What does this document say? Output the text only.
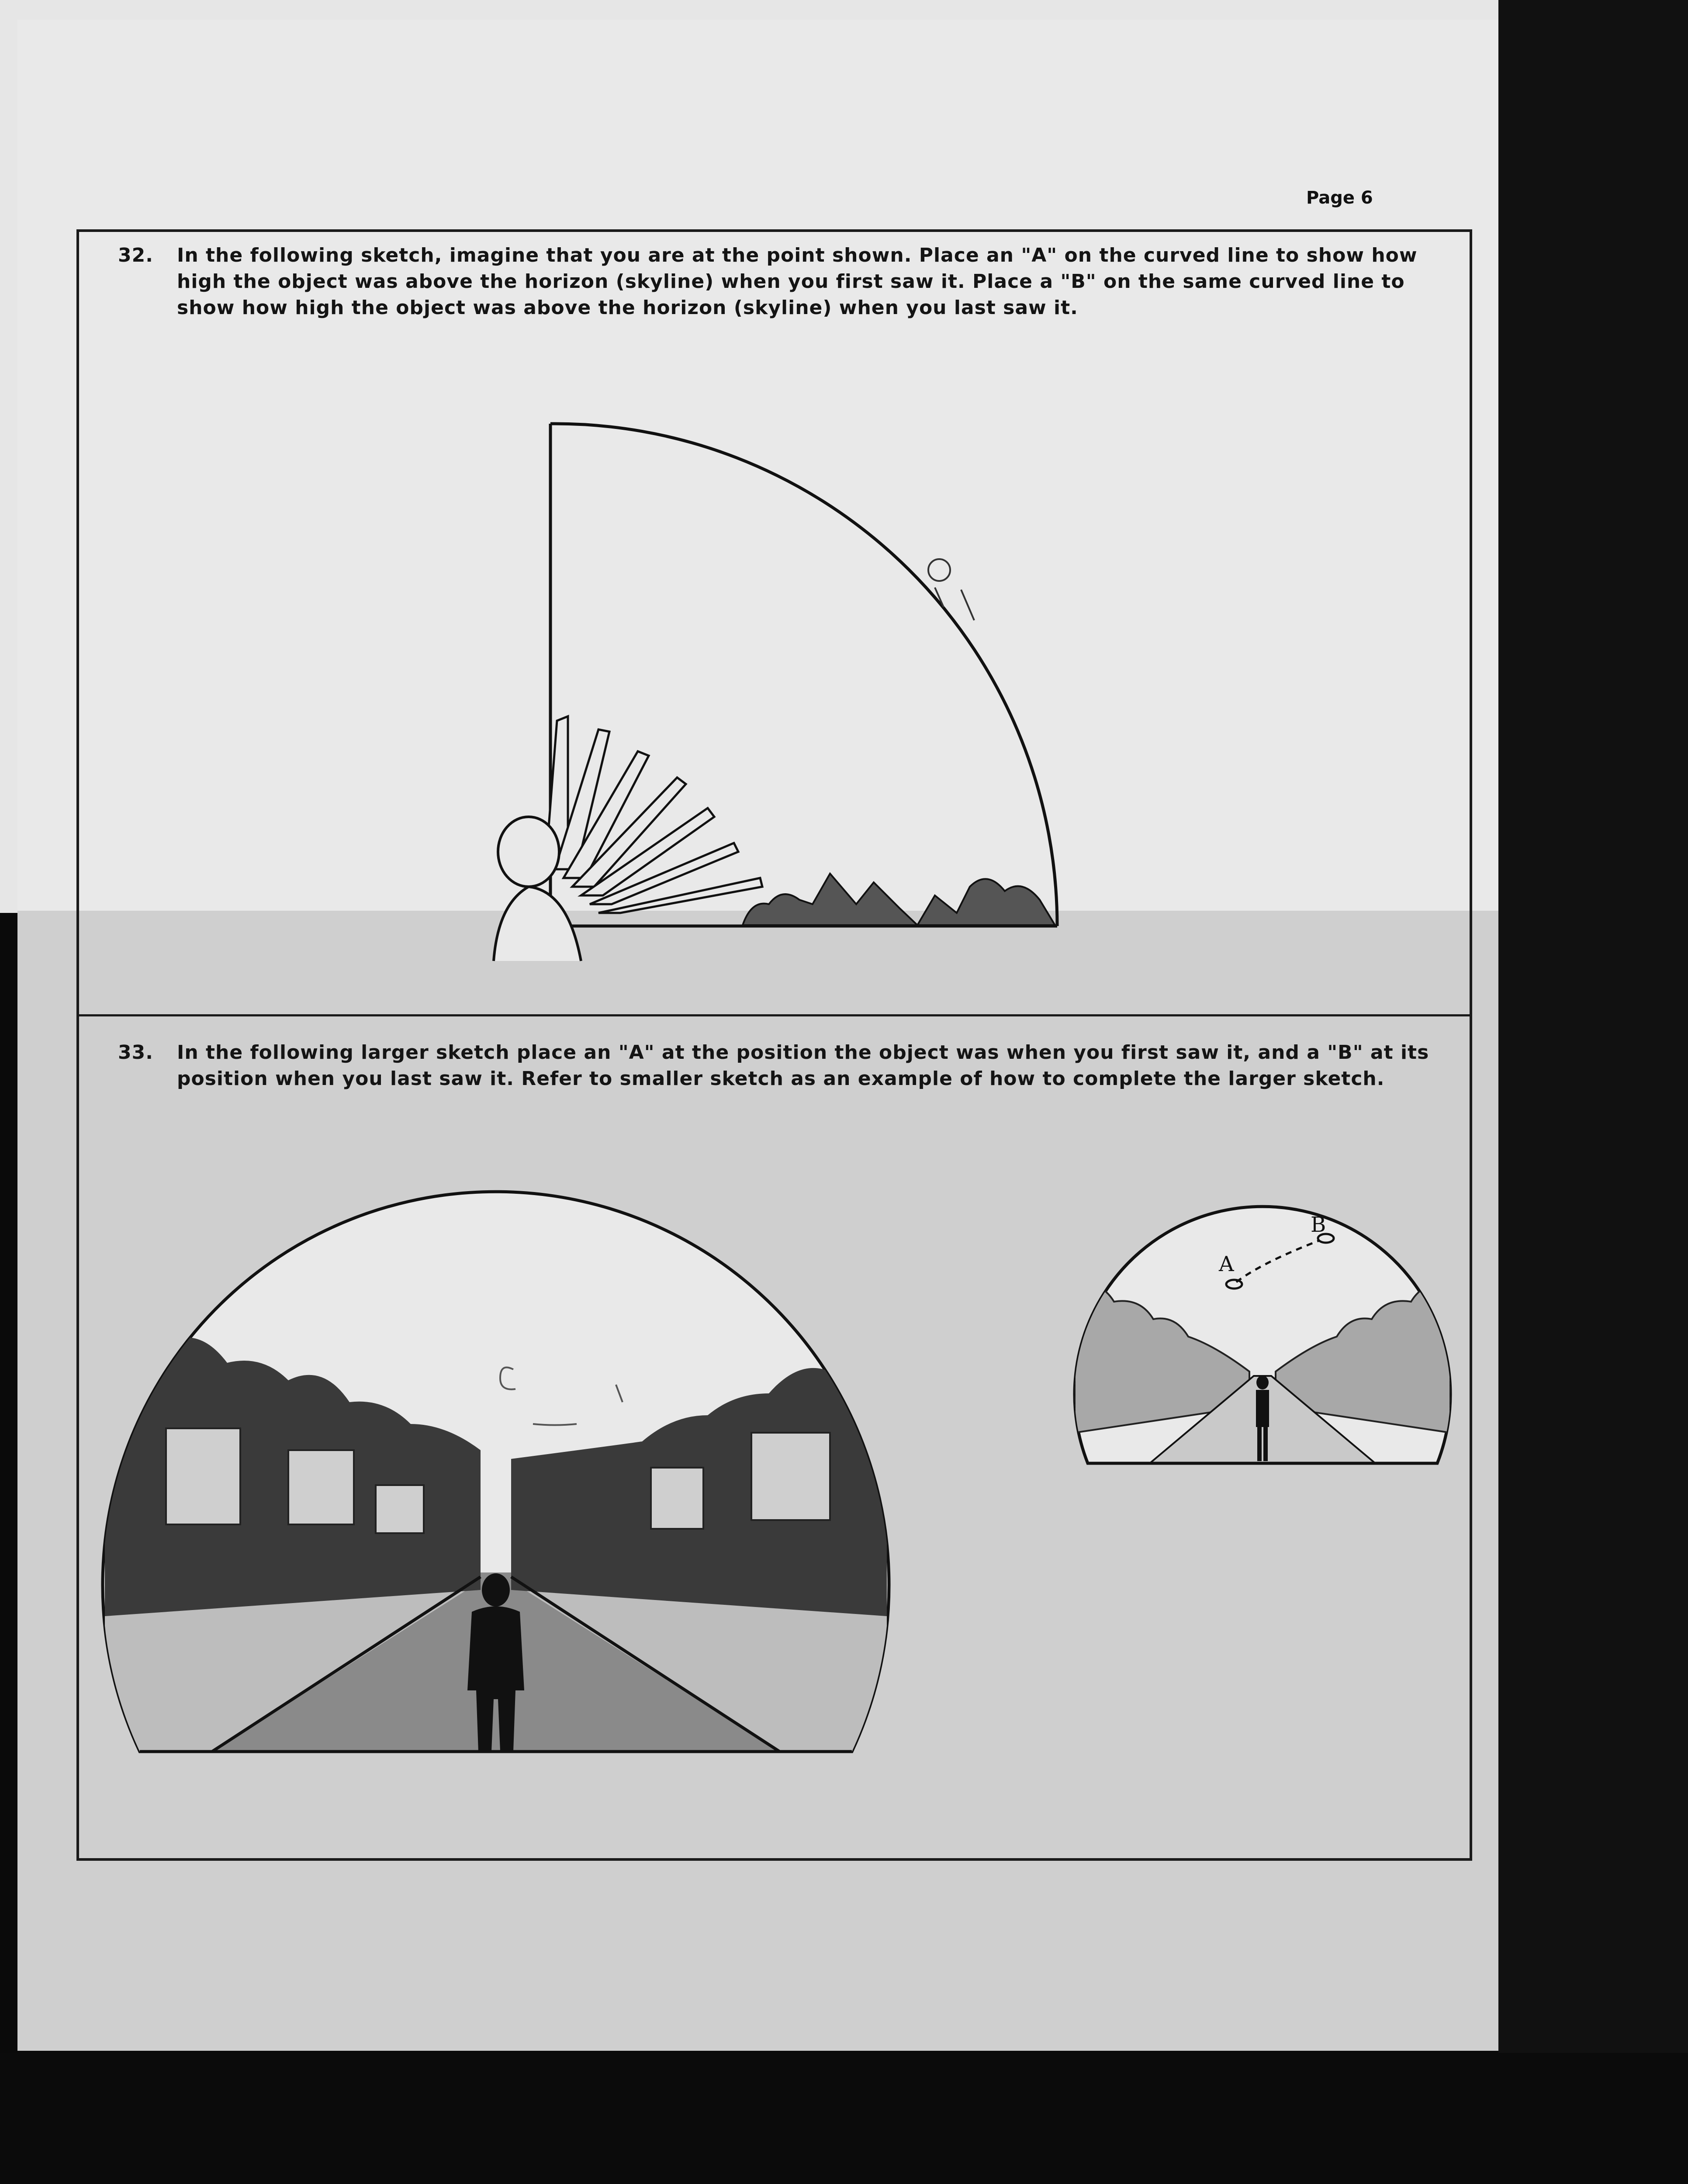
Page 6
32. In the following sketch, imagine that you are at the point shown. Place an "A" on the curved line to show how high the object was above the horizon (skyline) when you first saw it. Place a "B" on the same curved line to show how high the object was above the horizon (skyline) when you last saw it.
33. In the following larger sketch place an "A" at the position the object was when you first saw it, and a "B" at its position when you last saw it. Refer to smaller sketch as an example of how to complete the larger sketch.
A
B
